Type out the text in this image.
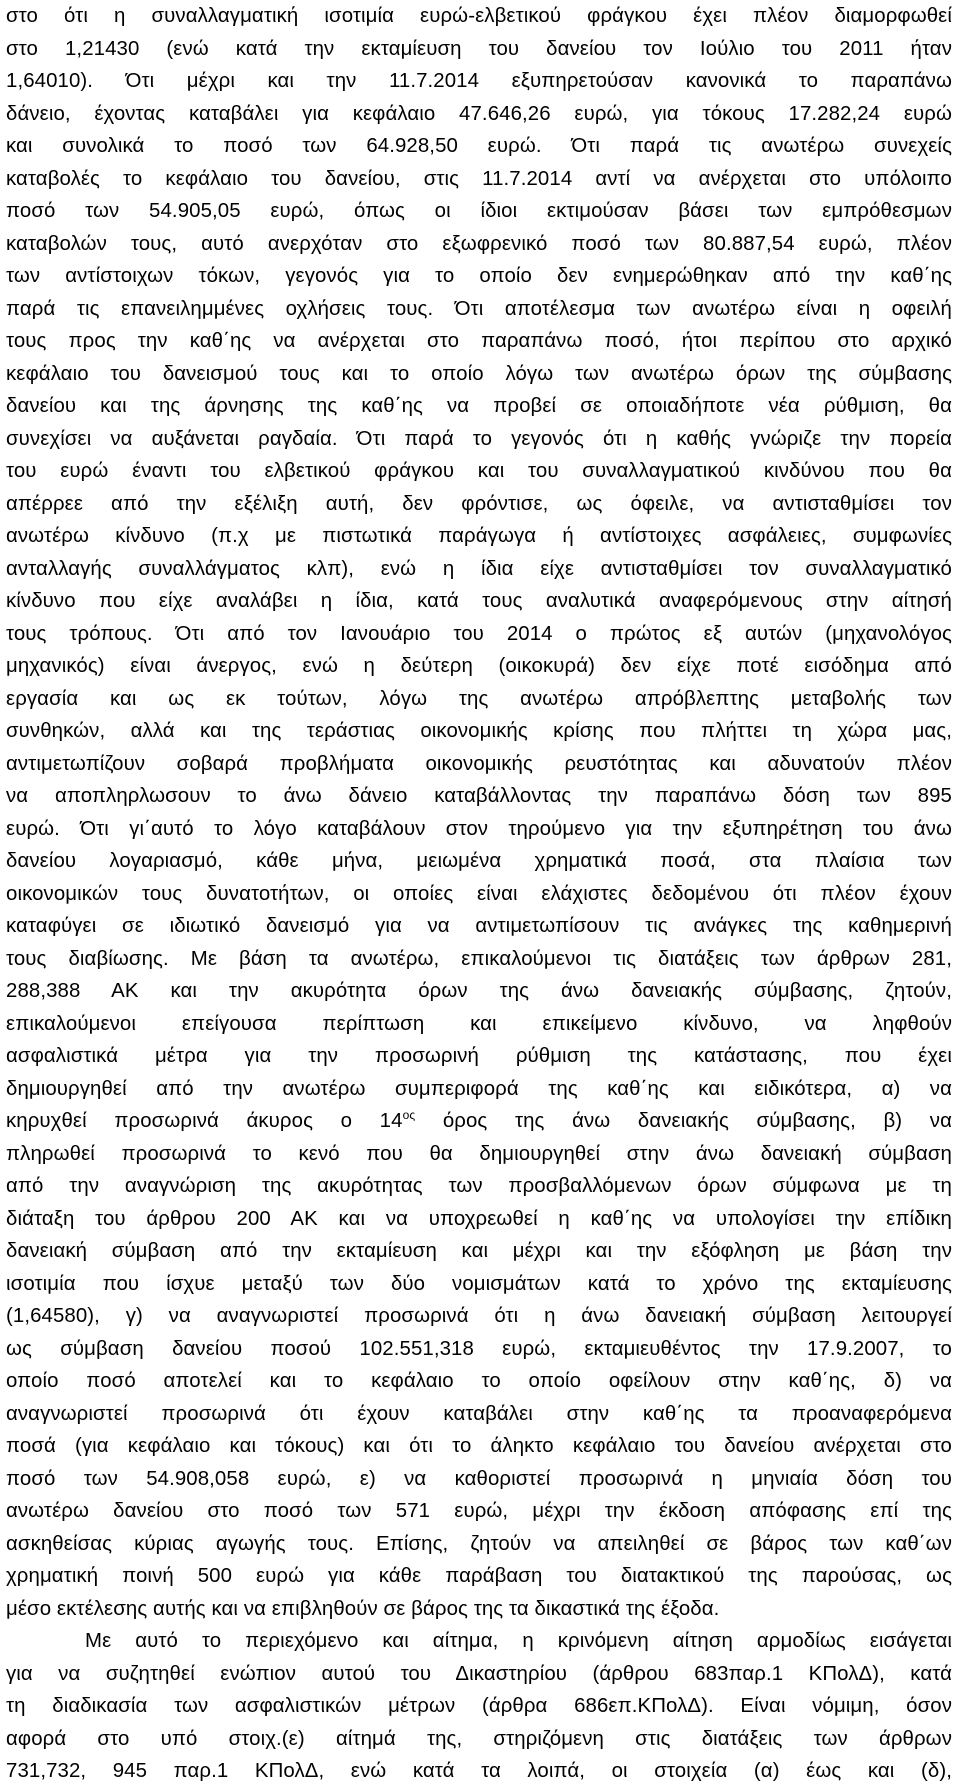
στο ότι η συναλλαγματική ισοτιμία ευρώ-ελβετικού φράγκου έχει πλέον διαμορφωθεί
στο 1,21430 (ενώ κατά την εκταμίευση του δανείου τον Ιούλιο του 2011 ήταν
1,64010). Ότι μέχρι και την 11.7.2014 εξυπηρετούσαν κανονικά το παραπάνω
δάνειο, έχοντας καταβάλει για κεφάλαιο 47.646,26 ευρώ, για τόκους 17.282,24 ευρώ
και συνολικά το ποσό των 64.928,50 ευρώ. Ότι παρά τις ανωτέρω συνεχείς
καταβολές το κεφάλαιο του δανείου, στις 11.7.2014 αντί να ανέρχεται στο υπόλοιπο
ποσό των 54.905,05 ευρώ, όπως οι ίδιοι εκτιμούσαν βάσει των εμπρόθεσμων
καταβολών τους, αυτό ανερχόταν στο εξωφρενικό ποσό των 80.887,54 ευρώ, πλέον
των αντίστοιχων τόκων, γεγονός για το οποίο δεν ενημερώθηκαν από την καθ΄ης
παρά τις επανειλημμένες οχλήσεις τους. Ότι αποτέλεσμα των ανωτέρω είναι η οφειλή
τους προς την καθ΄ης να ανέρχεται στο παραπάνω ποσό, ήτοι περίπου στο αρχικό
κεφάλαιο του δανεισμού τους και το οποίο λόγω των ανωτέρω όρων της σύμβασης
δανείου και της άρνησης της καθ΄ης να προβεί σε οποιαδήποτε νέα ρύθμιση, θα
συνεχίσει να αυξάνεται ραγδαία. Ότι παρά το γεγονός ότι η καθής γνώριζε την πορεία
του ευρώ έναντι του ελβετικού φράγκου και του συναλλαγματικού κινδύνου που θα
απέρρεε από την εξέλιξη αυτή, δεν φρόντισε, ως όφειλε, να αντισταθμίσει τον
ανωτέρω κίνδυνο (π.χ με πιστωτικά παράγωγα ή αντίστοιχες ασφάλειες, συμφωνίες
ανταλλαγής συναλλάγματος κλπ), ενώ η ίδια είχε αντισταθμίσει τον συναλλαγματικό
κίνδυνο που είχε αναλάβει η ίδια, κατά τους αναλυτικά αναφερόμενους στην αίτησή
τους τρόπους. Ότι από τον Ιανουάριο του 2014 ο πρώτος εξ αυτών (μηχανολόγος
μηχανικός) είναι άνεργος, ενώ η δεύτερη (οικοκυρά) δεν είχε ποτέ εισόδημα από
εργασία και ως εκ τούτων, λόγω της ανωτέρω απρόβλεπτης μεταβολής των
συνθηκών, αλλά και της τεράστιας οικονομικής κρίσης που πλήττει τη χώρα μας,
αντιμετωπίζουν σοβαρά προβλήματα οικονομικής ρευστότητας και αδυνατούν πλέον
να αποπληρλωσουν το άνω δάνειο καταβάλλοντας την παραπάνω δόση των 895
ευρώ. Ότι γι΄αυτό το λόγο καταβάλουν στον τηρούμενο για την εξυπηρέτηση του άνω
δανείου λογαριασμό, κάθε μήνα, μειωμένα χρηματικά ποσά, στα πλαίσια των
οικονομικών τους δυνατοτήτων, οι οποίες είναι ελάχιστες δεδομένου ότι πλέον έχουν
καταφύγει σε ιδιωτικό δανεισμό για να αντιμετωπίσουν τις ανάγκες της καθημερινή
τους διαβίωσης. Με βάση τα ανωτέρω, επικαλούμενοι τις διατάξεις των άρθρων 281,
288,388 ΑΚ και την ακυρότητα όρων της άνω δανειακής σύμβασης, ζητούν,
επικαλούμενοι επείγουσα περίπτωση και επικείμενο κίνδυνο, να ληφθούν
ασφαλιστικά μέτρα για την προσωρινή ρύθμιση της κατάστασης, που έχει
δημιουργηθεί από την ανωτέρω συμπεριφορά της καθ΄ης και ειδικότερα, α) να
κηρυχθεί προσωρινά άκυρος ο $14^{o\varsigma}$ όρος της άνω δανειακής σύμβασης, β) να
πληρωθεί προσωρινά το κενό που θα δημιουργηθεί στην άνω δανειακή σύμβαση
από την αναγνώριση της ακυρότητας των προσβαλλόμενων όρων σύμφωνα με τη
διάταξη του άρθρου 200 ΑΚ και να υποχρεωθεί η καθ΄ης να υπολογίσει την επίδικη
δανειακή σύμβαση από την εκταμίευση και μέχρι και την εξόφληση με βάση την
ισοτιμία που ίσχυε μεταξύ των δύο νομισμάτων κατά το χρόνο της εκταμίευσης
(1,64580), γ) να αναγνωριστεί προσωρινά ότι η άνω δανειακή σύμβαση λειτουργεί
ως σύμβαση δανείου ποσού 102.551,318 ευρώ, εκταμιευθέντος την 17.9.2007, το
οποίο ποσό αποτελεί και το κεφάλαιο το οποίο οφείλουν στην καθ΄ης, δ) να
αναγνωριστεί προσωρινά ότι έχουν καταβάλει στην καθ΄ης τα προαναφερόμενα
ποσά (για κεφάλαιο και τόκους) και ότι το άληκτο κεφάλαιο του δανείου ανέρχεται στο
ποσό των 54.908,058 ευρώ, ε) να καθοριστεί προσωρινά η μηνιαία δόση του
ανωτέρω δανείου στο ποσό των 571 ευρώ, μέχρι την έκδοση απόφασης επί της
ασκηθείσας κύριας αγωγής τους. Επίσης, ζητούν να απειληθεί σε βάρος των καθ΄ων
χρηματική ποινή 500 ευρώ για κάθε παράβαση του διατακτικού της παρούσας, ως
μέσο εκτέλεσης αυτής και να επιβληθούν σε βάρος της τα δικαστικά της έξοδα.
Με αυτό το περιεχόμενο και αίτημα, η κρινόμενη αίτηση αρμοδίως εισάγεται
για να συζητηθεί ενώπιον αυτού του Δικαστηρίου (άρθρου 683παρ.1 ΚΠολΔ), κατά
τη διαδικασία των ασφαλιστικών μέτρων (άρθρα 686επ.ΚΠολΔ). Είναι νόμιμη, όσον
αφορά στο υπό στοιχ.(ε) αίτημά της, στηριζόμενη στις διατάξεις των άρθρων
731,732, 945 παρ.1 ΚΠολΔ, ενώ κατά τα λοιπά, οι στοιχεία (α) έως και (δ),
